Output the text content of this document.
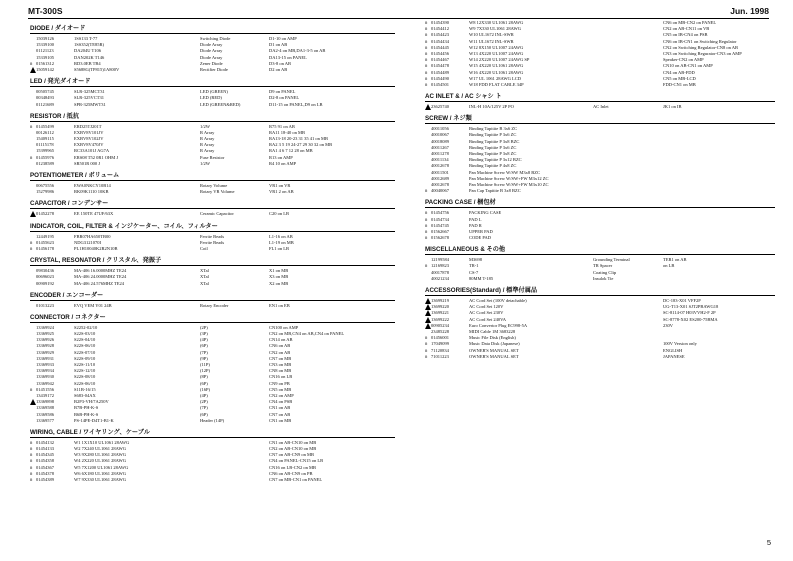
MT-300S	Jun. 1998
DIODE / ダイオード
15039126	1SS133 T-77	Switching Diode	D1-10 on AMP
15339100	1SS352(TE85R)	Diode Array	D1 on AB
01121123	DA204U T106	Diode Array	DA2-4 on MB,DA1-3-5 on AB
15339105	DAN202K T146	Diode Array	DA13-15 on PANEL
# 01561312	RD3.0EB TB4	Zener Diode	D3-8 on AB
15059142	S5688G(TP815)1A800V	Rectifier Diode	D2 on AB
LED / 発光ダイオード
00505745	SLR-325MCT31	LED (GREEN)	D9 on PANEL
00348493	SLR-325VCT31	LED (RED)	D2-8 on PANEL
01121689	SPR-325MWT31	LED (GREEN&RED)	D11-15 on PANEL,D9 on LB
RESISTOR / 抵抗
# 01455499	ERD25TJ201T	1/2W	R75 91 on AB
00126112	EXBV8V101JV	R Array	RA11 18-40 on MB
15409115	EXBV8V102JV	R Array	RA13-18 20-23 31 35 41 on MB
01115178	EXBV8V470JV	R Array	RA2 3 5 19 24-27 29 30 32 on MB
15399965	RC33A101J AG7A	R Array	RA1 4 6 7 12 28 on MB
# 01455976	ERS08 T52 0R1 OHM J	Fuse Resistor	R13 on AMP
01238589	SR501R 000 J	1/2W	R4 10 on AMP
POTENTIOMETER / ボリューム
00675556	EWA0NKCY10B14	Rotary Volume	VR1 on VR
15279986	RK09K1110 10KB	Rotary VR Volume	VR1 2 on AB
CAPACITOR / コンデンサー
01452278	EE 150TE 47UF/63X	Ceramic Capacitor	C20 on LB
INDICATOR, COIL, FILTER & インジケーター、コイル、フィルター
12449195	FBR07HA650TB00	Ferrite Beads	L1-16 on AB
# 01455623	NDG3121070I	Ferrite Beads	L1-19 on MB
# 01456178	PL1H10040K2R2N10B	Coil	FL1 on LB
CRYSTAL, RESONATOR / クリスタル、発振子
09830436	MA-406 16.0000MHZ TE24	XTal	X1 on MB
00696023	MA-406 24.0000MHZ TE24	XTal	X3 on MB
00909192	MA-406 24.576MHZ TE24	XTal	X2 on MB
ENCODER / エンコーダー
01013223	EVQ VEM Y01 24B	Rotary Encoder	EN1 on EB
CONNECTOR / コネクター
13369924	S2252-02/10	(2P)	CN100 on AMP
13369925	S22S-03/10	(3P)	CN2 on MB,CN4 on AB,CN4 on PANEL
13369926	S22S-04/10	(4P)	CN14 on AB
13369928	S22S-06/10	(6P)	CN6 on AB
13369929	S22S-07/10	(7P)	CN2 on AB
13369931	S22S-09/10	(9P)	CN7 on MB
13369933	S22S-11/10	(11P)	CN3 on MB
13369934	S22S-12/10	(12P)	CN8 on MB
13369930	S22S-08/10	(8P)	CN16 on LB
13369942	S22S-06/10	(6P)	CN9 on PB
# 01451556	S11B-16/15	(16P)	CN5 on MB
13439172	S683-04AX	(4P)	CN2 on AMP
13369898	B2P3-VH/7A250V	(2P)	CN4 on PSB
13369588	B7B-PH-K-S	(7P)	CN1 on AB
13369586	B6B-PH-K-S	(6P)	CN7 on AB
13369577	PS-14PE-D4T1-B1-K	Header (14P)	CN1 on MB
WIRING, CABLE / ワイヤリング、ケーブル
# 01454132	W1 1X1X10 UL1061 28AWG	CN1 on AB-CN10 on MB
# 01454133	W2 7X240 UL1061 28AWG	CN2 on AB-CN10 on MB
# 01454345	W3 9X280 UL1061 28AWG	CN7 on AB-CN9 on MB
# 01454358	W4 2X220 UL1061 28AWG	CN4 on PANEL-CN15 on LB
# 01454367	W5 7X1200 UL1061 28AWG	CN16 on LB-CN2 on MB
# 01454378	W6 6X180 UL1061 28AWG	CN6 on AB-CN9 on PB
# 01454389	W7 9X330 UL1061 28AWG	CN7 on MB-CN1 on PANEL
# 01454390	W8 12X330 UL1061 28AWG	CN6 on MB-CN2 on PANEL
# 01454412	W9 7X330 UL1061 28AWG	CN2 on AB-CN11 on VB
# 01454423	W10 UL1672 INL-SWR	CN5 on IB-CN4 on PSB
# 01454434	W11 UL1672 INL-SWR	CN6 on IB-CN1 on Switching Regulator
# 01454445	W12 8X150 UL1007 24AWG	CN2 on Switching Regulator-CN8 on AB
# 01454456	W13 4X220 UL1007 24AWG	CN3 on Switching Regurator-CN3 on AMP
# 01454467	W14 2X220 UL1007 24AWG SP	Speaker-CN2 on AMP
# 01454478	W15 4X220 UL1061 28AWG	CN10 on AB-CN1 on AMP
# 01454489	W16 4X220 UL1061 28AWG	CN4 on AB-FDD
# 01454490	W17 UL 1061 28AWG LCD	CN5 on MB-LCD
# 01454501	W18 FDD FLAT CABLE 34P	FDD-CN1 on MB
AC INLET & / AC シャシ ト
23625740	INL-H 10A/125V 2P PO	AC Inlet	JK1 on IB
SCREW / ネジ類
40011056	Binding Tapitite B 3x6 ZC
40010067	Binding Tapitite P 3x6 ZC
40018089	Binding Tapitite P 3x8 BZC
40011267	Binding Tapitite P 3x6 ZC
40011278	Binding Tapitite P 3x8 ZC
40011134	Binding Tapitite P 3x12 BZC
40012678	Binding Tapitite P 4x8 ZC
40011501	Pan Machine Screw W/SW M3x8 BZC
40012689	Pan Machine Screw W/SW+FW M3x12 ZC
40012678	Pan Machine Screw W/SW+FW M3x10 ZC
# 40040067	Pan Cap Tapitite B 3x8 BZC
PACKING CASE / 梱包材
# 01454756	PACKING CASE
# 01454734	PAD L
# 01454745	PAD R
# 01562667	UPPER PAD
# 01562678	CODE PAD
MISCELLANEOUS & その他
12199584	M3698	Grounding Terminal	TER1 on AB
# 12169823	TR-1	TR Spacer	on LB
40017878	CS-7	Coating Clip
40021234	80MM T-185	Insulok Tie
ACCESSORIES(Standard) / 標準付属品
13699219	AC Cord Set (100V detachable)	DC-183-X01 VFF2P
13699220	AC Cord Set 120V	UG-T13-X01 SJT2PBAWG18
13699221	AC Cord Set 230V	SC-8114-07 H03VVH2-F 2P
13699222	AC Cord Set 240VA	SC-8778-X02 ES200-75BMA
00905234	Euro Convertor Plug EC998-5A	230V
23485228	MIDI Cable 1M 3683228
# 01456001	Music File Disk (English)
# 17049099	Music Data Disk (Japanese)	100V Version only
# 71120834	OWNER'S MANUAL SET	ENGLISH
# 71011223	OWNER'S MANUAL SET	JAPANESE
5
